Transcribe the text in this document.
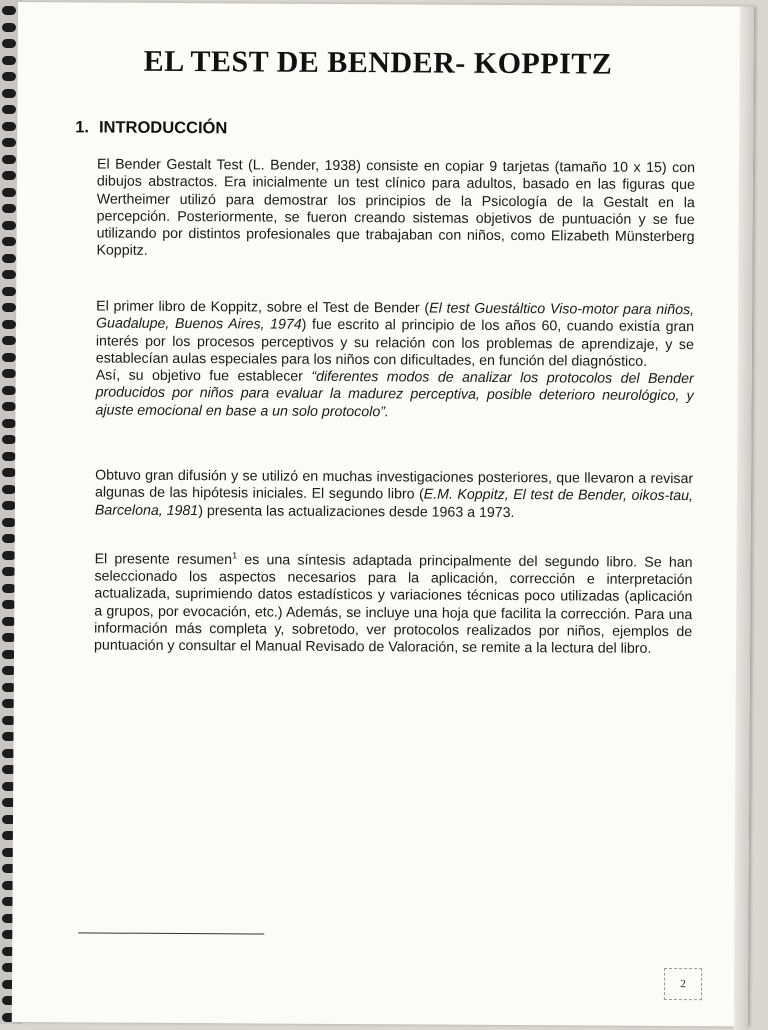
EL TEST DE BENDER- KOPPITZ
1. INTRODUCCIÓN

El Bender Gestalt Test (L. Bender, 1938) consiste en copiar 9 tarjetas (tamaño 10 x 15) con dibujos abstractos. Era inicialmente un test clínico para adultos, basado en las figuras que Wertheimer utilizó para demostrar los principios de la Psicología de la Gestalt en la percepción. Posteriormente, se fueron creando sistemas objetivos de puntuación y se fue utilizando por distintos profesionales que trabajaban con niños, como Elizabeth Münsterberg Koppitz.

El primer libro de Koppitz, sobre el Test de Bender (El test Guestáltico Viso-motor para niños, Guadalupe, Buenos Aires, 1974) fue escrito al principio de los años 60, cuando existía gran interés por los procesos perceptivos y su relación con los problemas de aprendizaje, y se establecían aulas especiales para los niños con dificultades, en función del diagnóstico.
Así, su objetivo fue establecer “diferentes modos de analizar los protocolos del Bender producidos por niños para evaluar la madurez perceptiva, posible deterioro neurológico, y ajuste emocional en base a un solo protocolo”.

Obtuvo gran difusión y se utilizó en muchas investigaciones posteriores, que llevaron a revisar algunas de las hipótesis iniciales. El segundo libro (E.M. Koppitz, El test de Bender, oikos-tau, Barcelona, 1981) presenta las actualizaciones desde 1963 a 1973.

El presente resumen$^1$ es una síntesis adaptada principalmente del segundo libro. Se han seleccionado los aspectos necesarios para la aplicación, corrección e interpretación actualizada, suprimiendo datos estadísticos y variaciones técnicas poco utilizadas (aplicación a grupos, por evocación, etc.) Además, se incluye una hoja que facilita la corrección. Para una información más completa y, sobretodo, ver protocolos realizados por niños, ejemplos de puntuación y consultar el Manual Revisado de Valoración, se remite a la lectura del libro.

2
